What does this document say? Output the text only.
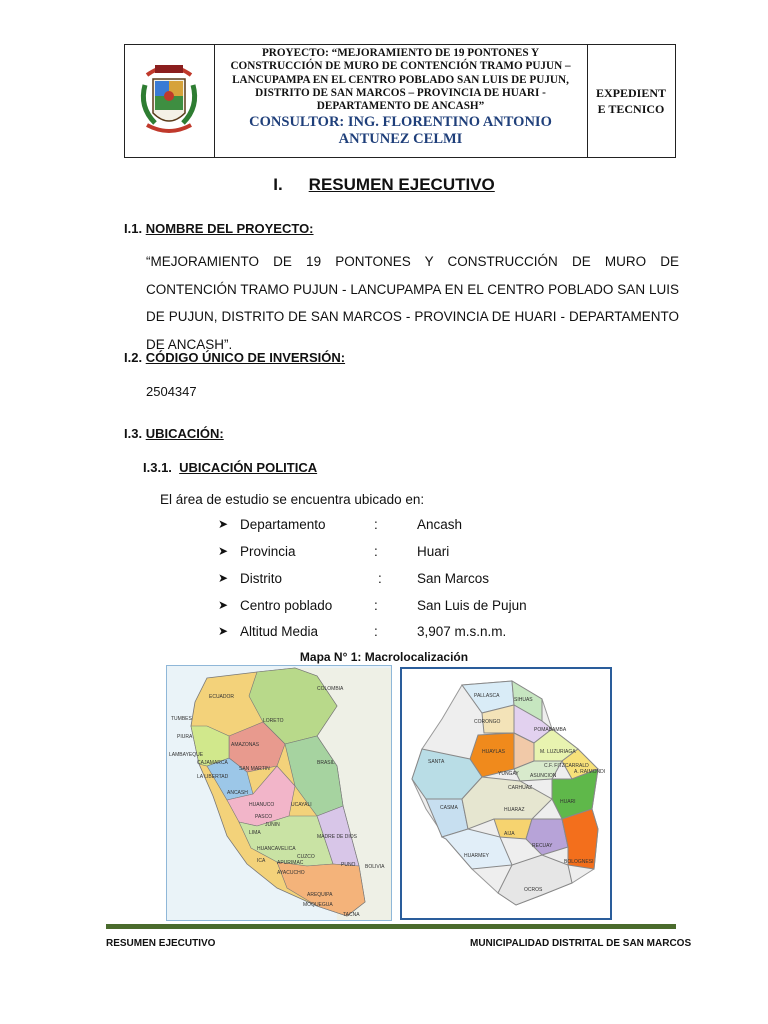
PROYECTO: “MEJORAMIENTO DE 19 PONTONES Y CONSTRUCCIÓN DE MURO DE CONTENCIÓN TRAMO PUJUN – LANCUPAMPA EN EL CENTRO POBLADO SAN LUIS DE PUJUN, DISTRITO DE SAN MARCOS – PROVINCIA DE HUARI - DEPARTAMENTO DE ANCASH”
CONSULTOR: ING. FLORENTINO ANTONIO ANTUNEZ CELMI
EXPEDIENT E TECNICO
I. RESUMEN EJECUTIVO
I.1. NOMBRE DEL PROYECTO:
“MEJORAMIENTO DE 19 PONTONES Y CONSTRUCCIÓN DE MURO DE CONTENCIÓN TRAMO PUJUN - LANCUPAMPA EN EL CENTRO POBLADO SAN LUIS DE PUJUN, DISTRITO DE SAN MARCOS - PROVINCIA DE HUARI - DEPARTAMENTO DE ANCASH”.
I.2. CÓDIGO ÚNICO DE INVERSIÓN:
2504347
I.3. UBICACIÓN:
I.3.1. UBICACIÓN POLITICA
El área de estudio se encuentra ubicado en:
➤ Departamento	:	Ancash
➤ Provincia	:	Huari
➤ Distrito	:	San Marcos
➤ Centro poblado	:	San Luis de Pujun
➤ Altitud Media	:	3,907 m.s.n.m.
Mapa N° 1: Macrolocalización
COLOMBIA
ECUADOR
TUMBES	LORETO
PIURA
AMAZONAS
LAMBAYEQUE
CAJAMARCA
SAN MARTIN
LA LIBERTAD
ANCASH
HUANUCO	UCAYALI
BRASIL
PASCO
JUNIN
LIMA
MADRE DE DIOS
HUANCAVELICA
CUZCO
ICA APURIMAC
AYACUCHO
PUNO BOLIVIA
AREQUIPA
MOQUEGUA
TACNA
PALLASCA
SIHUAS
CORONGO
POMABAMBA
HUAYLAS	M. LUZURIAGA
C.F. FITZCARRALD
A. RAIMONDI
SANTA
YUNGAY ASUNCION
CARHUAZ
HUARI
CASMA	HUARAZ
AIJA
RECUAY
HUARMEY
BOLOGNESI
OCROS
RESUMEN EJECUTIVO	MUNICIPALIDAD DISTRITAL DE SAN MARCOS
